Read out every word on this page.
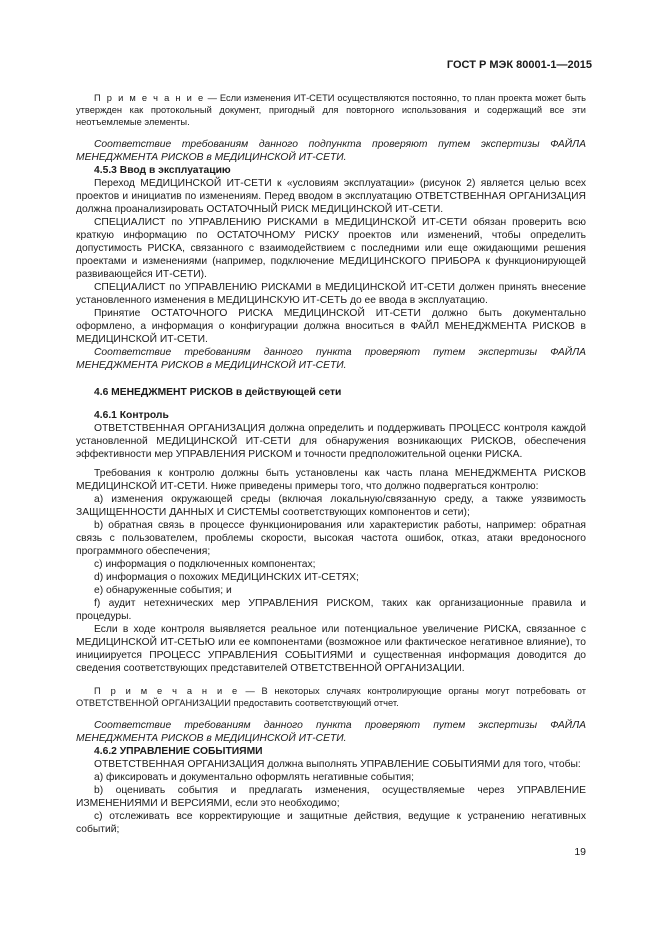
ГОСТ Р МЭК 80001-1—2015

П р и м е ч а н и е — Если изменения ИТ-СЕТИ осуществляются постоянно, то план проекта может быть утвержден как протокольный документ, пригодный для повторного использования и содержащий все эти неотъемлемые элементы.

Соответствие требованиям данного подпункта проверяют путем экспертизы ФАЙЛА МЕНЕДЖМЕНТА РИСКОВ в МЕДИЦИНСКОЙ ИТ-СЕТИ.

4.5.3 Ввод в эксплуатацию

Переход МЕДИЦИНСКОЙ ИТ-СЕТИ к «условиям эксплуатации» (рисунок 2) является целью всех проектов и инициатив по изменениям. Перед вводом в эксплуатацию ОТВЕТСТВЕННАЯ ОРГАНИЗАЦИЯ должна проанализировать ОСТАТОЧНЫЙ РИСК МЕДИЦИНСКОЙ ИТ-СЕТИ.

СПЕЦИАЛИСТ по УПРАВЛЕНИЮ РИСКАМИ в МЕДИЦИНСКОЙ ИТ-СЕТИ обязан проверить всю краткую информацию по ОСТАТОЧНОМУ РИСКУ проектов или изменений, чтобы определить допустимость РИСКА, связанного с взаимодействием с последними или еще ожидающими решения проектами и изменениями (например, подключение МЕДИЦИНСКОГО ПРИБОРА к функционирующей развивающейся ИТ-СЕТИ).

СПЕЦИАЛИСТ по УПРАВЛЕНИЮ РИСКАМИ в МЕДИЦИНСКОЙ ИТ-СЕТИ должен принять внесение установленного изменения в МЕДИЦИНСКУЮ ИТ-СЕТЬ до ее ввода в эксплуатацию.

Принятие ОСТАТОЧНОГО РИСКА МЕДИЦИНСКОЙ ИТ-СЕТИ должно быть документально оформлено, а информация о конфигурации должна вноситься в ФАЙЛ МЕНЕДЖМЕНТА РИСКОВ в МЕДИЦИНСКОЙ ИТ-СЕТИ.

Соответствие требованиям данного пункта проверяют путем экспертизы ФАЙЛА МЕНЕДЖМЕНТА РИСКОВ в МЕДИЦИНСКОЙ ИТ-СЕТИ.

4.6 МЕНЕДЖМЕНТ РИСКОВ в действующей сети

4.6.1 Контроль

ОТВЕТСТВЕННАЯ ОРГАНИЗАЦИЯ должна определить и поддерживать ПРОЦЕСС контроля каждой установленной МЕДИЦИНСКОЙ ИТ-СЕТИ для обнаружения возникающих РИСКОВ, обеспечения эффективности мер УПРАВЛЕНИЯ РИСКОМ и точности предположительной оценки РИСКА.

Требования к контролю должны быть установлены как часть плана МЕНЕДЖМЕНТА РИСКОВ МЕДИЦИНСКОЙ ИТ-СЕТИ. Ниже приведены примеры того, что должно подвергаться контролю:

a) изменения окружающей среды (включая локальную/связанную среду, а также уязвимость ЗАЩИЩЕННОСТИ ДАННЫХ И СИСТЕМЫ соответствующих компонентов и сети);

b) обратная связь в процессе функционирования или характеристик работы, например: обратная связь с пользователем, проблемы скорости, высокая частота ошибок, отказ, атаки вредоносного программного обеспечения;

c) информация о подключенных компонентах;

d) информация о похожих МЕДИЦИНСКИХ ИТ-СЕТЯХ;

e) обнаруженные события; и

f) аудит нетехнических мер УПРАВЛЕНИЯ РИСКОМ, таких как организационные правила и процедуры.

Если в ходе контроля выявляется реальное или потенциальное увеличение РИСКА, связанное с МЕДИЦИНСКОЙ ИТ-СЕТЬЮ или ее компонентами (возможное или фактическое негативное влияние), то инициируется ПРОЦЕСС УПРАВЛЕНИЯ СОБЫТИЯМИ и существенная информация доводится до сведения соответствующих представителей ОТВЕТСТВЕННОЙ ОРГАНИЗАЦИИ.

П р и м е ч а н и е — В некоторых случаях контролирующие органы могут потребовать от ОТВЕТСТВЕННОЙ ОРГАНИЗАЦИИ предоставить соответствующий отчет.

Соответствие требованиям данного пункта проверяют путем экспертизы ФАЙЛА МЕНЕДЖМЕНТА РИСКОВ в МЕДИЦИНСКОЙ ИТ-СЕТИ.

4.6.2 УПРАВЛЕНИЕ СОБЫТИЯМИ

ОТВЕТСТВЕННАЯ ОРГАНИЗАЦИЯ должна выполнять УПРАВЛЕНИЕ СОБЫТИЯМИ для того, чтобы:

a) фиксировать и документально оформлять негативные события;

b) оценивать события и предлагать изменения, осуществляемые через УПРАВЛЕНИЕ ИЗМЕНЕНИЯМИ И ВЕРСИЯМИ, если это необходимо;

c) отслеживать все корректирующие и защитные действия, ведущие к устранению негативных событий;

19
